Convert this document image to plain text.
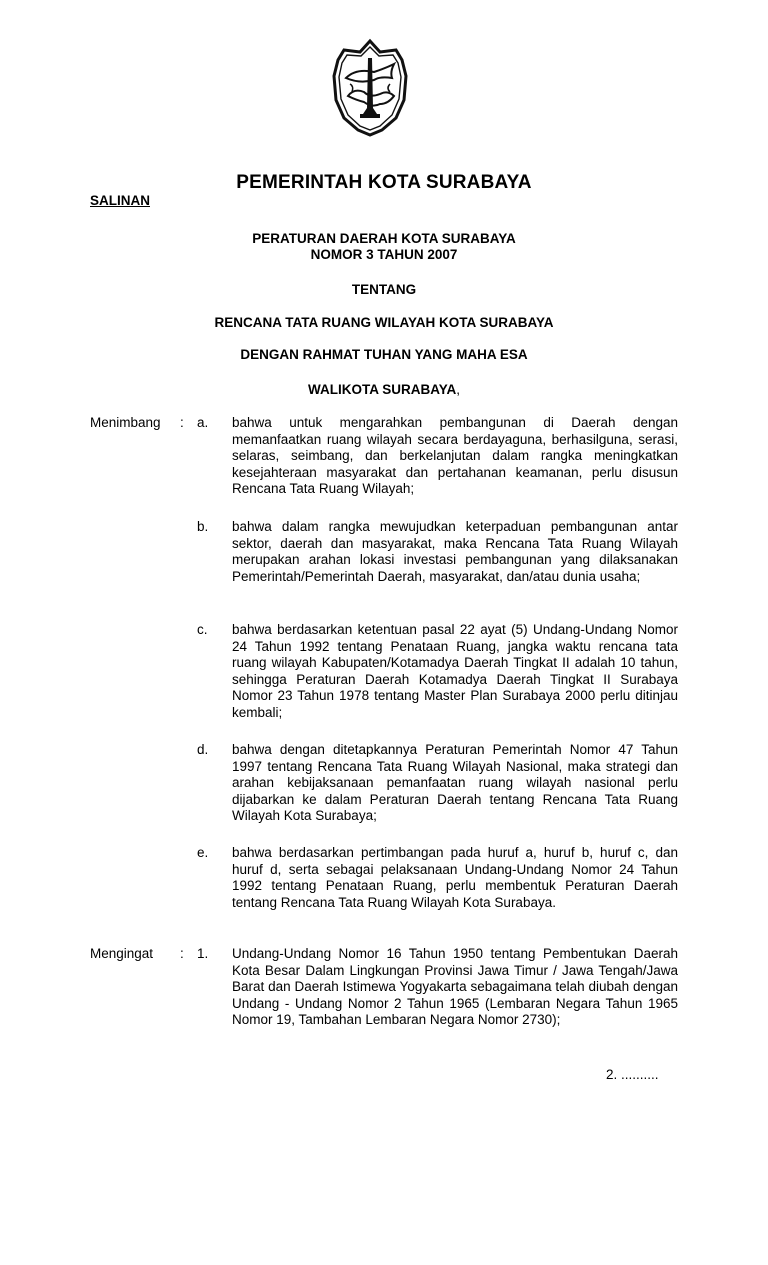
PEMERINTAH KOTA SURABAYA
SALINAN
PERATURAN DAERAH KOTA SURABAYA
NOMOR 3 TAHUN 2007
TENTANG
RENCANA TATA RUANG WILAYAH KOTA SURABAYA
DENGAN RAHMAT TUHAN YANG MAHA ESA
WALIKOTA SURABAYA,
Menimbang : a. bahwa untuk mengarahkan pembangunan di Daerah dengan memanfaatkan ruang wilayah secara berdayaguna, berhasilguna, serasi, selaras, seimbang, dan berkelanjutan dalam rangka meningkatkan kesejahteraan masyarakat dan pertahanan keamanan, perlu disusun Rencana Tata Ruang Wilayah;
b. bahwa dalam rangka mewujudkan keterpaduan pembangunan antar sektor, daerah dan masyarakat, maka Rencana Tata Ruang Wilayah merupakan arahan lokasi investasi pembangunan yang dilaksanakan Pemerintah/Pemerintah Daerah, masyarakat, dan/atau dunia usaha;
c. bahwa berdasarkan ketentuan pasal 22 ayat (5) Undang-Undang Nomor 24 Tahun 1992 tentang Penataan Ruang, jangka waktu rencana tata ruang wilayah Kabupaten/Kotamadya Daerah Tingkat II adalah 10 tahun, sehingga Peraturan Daerah Kotamadya Daerah Tingkat II Surabaya Nomor 23 Tahun 1978 tentang Master Plan Surabaya 2000 perlu ditinjau kembali;
d. bahwa dengan ditetapkannya Peraturan Pemerintah Nomor 47 Tahun 1997 tentang Rencana Tata Ruang Wilayah Nasional, maka strategi dan arahan kebijaksanaan pemanfaatan ruang wilayah nasional perlu dijabarkan ke dalam Peraturan Daerah tentang Rencana Tata Ruang Wilayah Kota Surabaya;
e. bahwa berdasarkan pertimbangan pada huruf a, huruf b, huruf c, dan huruf d, serta sebagai pelaksanaan Undang-Undang Nomor 24 Tahun 1992 tentang Penataan Ruang, perlu membentuk Peraturan Daerah tentang Rencana Tata Ruang Wilayah Kota Surabaya.
Mengingat : 1. Undang-Undang Nomor 16 Tahun 1950 tentang Pembentukan Daerah Kota Besar Dalam Lingkungan Provinsi Jawa Timur / Jawa Tengah/Jawa Barat dan Daerah Istimewa Yogyakarta sebagaimana telah diubah dengan Undang - Undang Nomor 2 Tahun 1965 (Lembaran Negara Tahun 1965 Nomor 19, Tambahan Lembaran Negara Nomor 2730);
2. ..........
